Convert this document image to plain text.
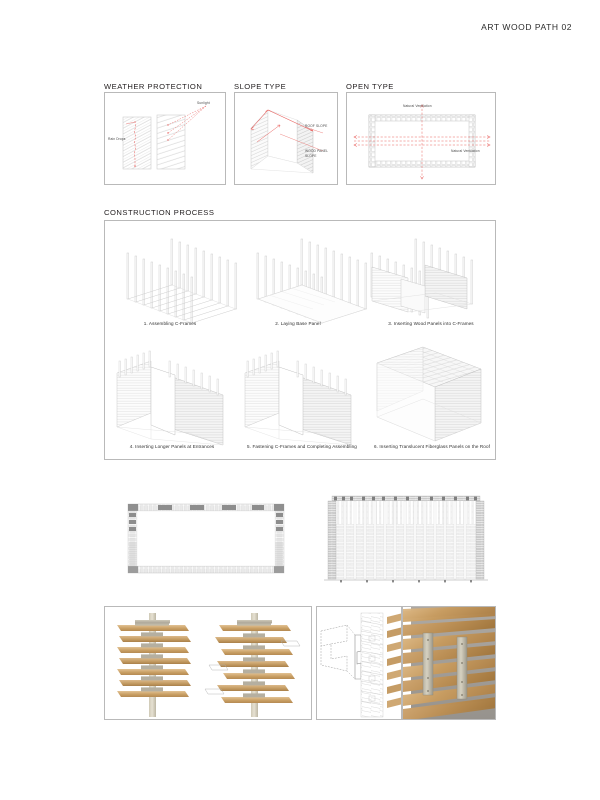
ART WOOD PATH 02
WEATHER PROTECTION
Rain Drops
Sunlight
SLOPE TYPE
ROOF SLOPE
WOOD PANEL
SLOPE
OPEN TYPE
Natural Ventilation
Natural Ventilation
CONSTRUCTION PROCESS
1. Assembling C-Frames	2. Laying Base Panel	3. Inserting Wood Panels into C-Frames
4. Inserting Longer Panels at Entrances	5. Fastening C-Frames and Completing Assembling	6. Inserting Translucent Fiberglass Panels on the Roof
